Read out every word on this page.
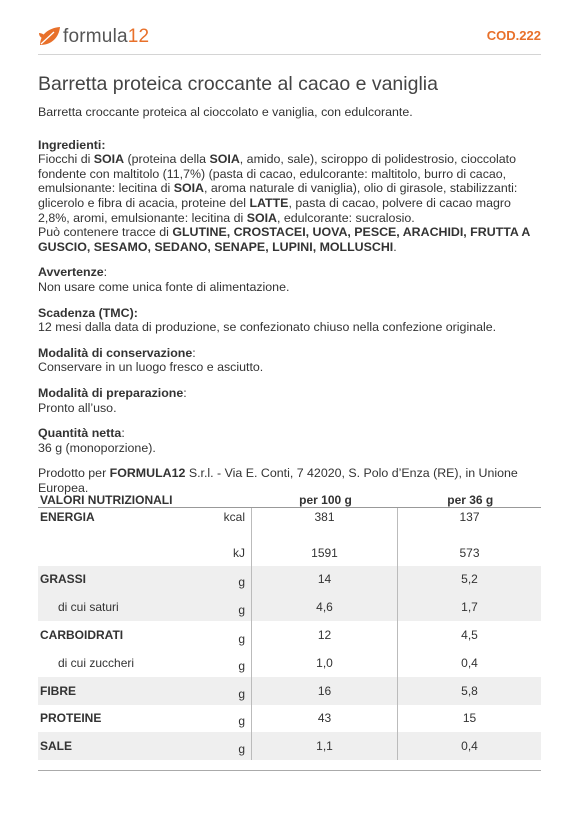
formula12	COD.222
Barretta proteica croccante al cacao e vaniglia

Barretta croccante proteica al cioccolato e vaniglia, con edulcorante.

Ingredienti:

Fiocchi di SOIA (proteina della SOIA, amido, sale), sciroppo di polidestrosio, cioccolato fondente con maltitolo (11,7%) (pasta di cacao, edulcorante: maltitolo, burro di cacao, emulsionante: lecitina di SOIA, aroma naturale di vaniglia), olio di girasole, stabilizzanti: glicerolo e fibra di acacia, proteine del LATTE, pasta di cacao, polvere di cacao magro 2,8%, aromi, emulsionante: lecitina di SOIA, edulcorante: sucralosio.
Può contenere tracce di GLUTINE, CROSTACEI, UOVA, PESCE, ARACHIDI, FRUTTA A GUSCIO, SESAMO, SEDANO, SENAPE, LUPINI, MOLLUSCHI.

Avvertenze:

Non usare come unica fonte di alimentazione.

Scadenza (TMC):

12 mesi dalla data di produzione, se confezionato chiuso nella confezione originale.

Modalità di conservazione:

Conservare in un luogo fresco e asciutto.

Modalità di preparazione:

Pronto all’uso.

Quantità netta:

36 g (monoporzione).

Prodotto per FORMULA12 S.r.l. - Via E. Conti, 7 42020, S. Polo d’Enza (RE), in Unione Europea.

VALORI NUTRIZIONALI		per 100 g	per 36 g
ENERGIA	kcal	381	137
	kJ	1591	573
GRASSI	g	14	5,2
di cui saturi	g	4,6	1,7
CARBOIDRATI	g	12	4,5
di cui zuccheri	g	1,0	0,4
FIBRE	g	16	5,8
PROTEINE	g	43	15
SALE	g	1,1	0,4
